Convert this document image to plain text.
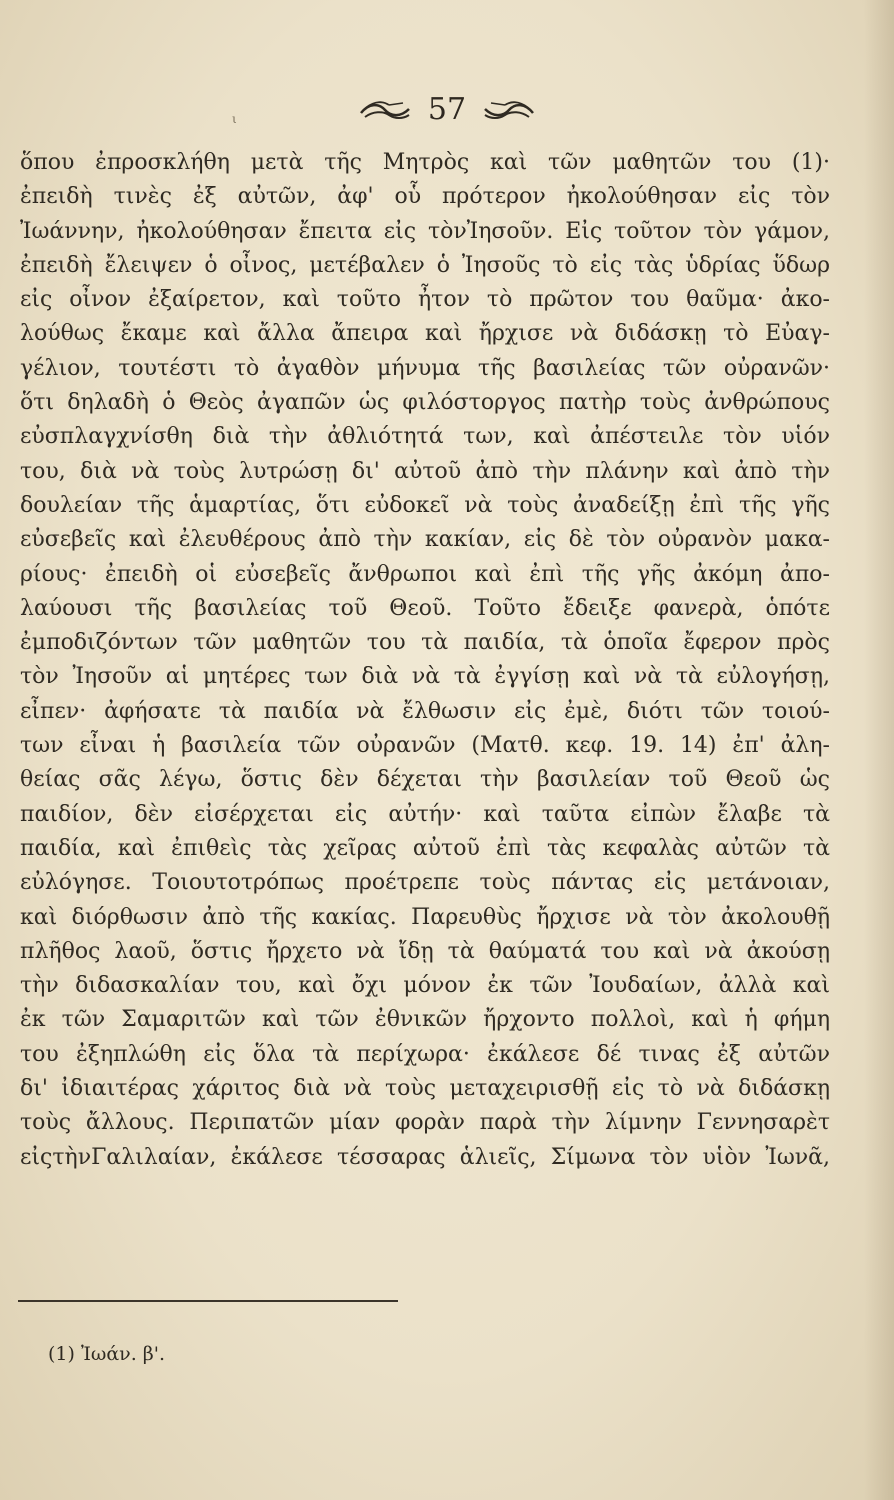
57
ι
ὅπου ἐπροσκλήθη μετὰ τῆς Μητρὸς καὶ τῶν μαθητῶν του (1)·
ἐπειδὴ τινὲς ἐξ αὐτῶν, ἀφ' οὗ πρότερον ἠκολούθησαν εἰς τὸν
Ἰωάννην, ἠκολούθησαν ἔπειτα εἰς τὸνἸησοῦν. Εἰς τοῦτον τὸν γάμον,
ἐπειδὴ ἔλειψεν ὁ οἶνος, μετέβαλεν ὁ Ἰησοῦς τὸ εἰς τὰς ὑδρίας ὕδωρ
εἰς οἶνον ἐξαίρετον, καὶ τοῦτο ἦτον τὸ πρῶτον του θαῦμα· ἀκο-
λούθως ἔκαμε καὶ ἄλλα ἄπειρα καὶ ἤρχισε νὰ διδάσκῃ τὸ Εὐαγ-
γέλιον, τουτέστι τὸ ἀγαθὸν μήνυμα τῆς βασιλείας τῶν οὐρανῶν·
ὅτι δηλαδὴ ὁ Θεὸς ἀγαπῶν ὡς φιλόστοργος πατὴρ τοὺς ἀνθρώπους
εὐσπλαγχνίσθη διὰ τὴν ἀθλιότητά των, καὶ ἀπέστειλε τὸν υἱόν
του, διὰ νὰ τοὺς λυτρώσῃ δι' αὐτοῦ ἀπὸ τὴν πλάνην καὶ ἀπὸ τὴν
δουλείαν τῆς ἁμαρτίας, ὅτι εὐδοκεῖ νὰ τοὺς ἀναδείξῃ ἐπὶ τῆς γῆς
εὐσεβεῖς καὶ ἐλευθέρους ἀπὸ τὴν κακίαν, εἰς δὲ τὸν οὐρανὸν μακα-
ρίους· ἐπειδὴ οἱ εὐσεβεῖς ἄνθρωποι καὶ ἐπὶ τῆς γῆς ἀκόμη ἀπο-
λαύουσι τῆς βασιλείας τοῦ Θεοῦ. Τοῦτο ἔδειξε φανερὰ, ὁπότε
ἐμποδιζόντων τῶν μαθητῶν του τὰ παιδία, τὰ ὁποῖα ἔφερον πρὸς
τὸν Ἰησοῦν αἱ μητέρες των διὰ νὰ τὰ ἐγγίσῃ καὶ νὰ τὰ εὐλογήσῃ,
εἶπεν· ἀφήσατε τὰ παιδία νὰ ἔλθωσιν εἰς ἐμὲ, διότι τῶν τοιού-
των εἶναι ἡ βασιλεία τῶν οὐρανῶν (Ματθ. κεφ. 19. 14) ἐπ' ἀλη-
θείας σᾶς λέγω, ὅστις δὲν δέχεται τὴν βασιλείαν τοῦ Θεοῦ ὡς
παιδίον, δὲν εἰσέρχεται εἰς αὐτήν· καὶ ταῦτα εἰπὼν ἔλαβε τὰ
παιδία, καὶ ἐπιθεὶς τὰς χεῖρας αὐτοῦ ἐπὶ τὰς κεφαλὰς αὐτῶν τὰ
εὐλόγησε. Τοιουτοτρόπως προέτρεπε τοὺς πάντας εἰς μετάνοιαν,
καὶ διόρθωσιν ἀπὸ τῆς κακίας. Παρευθὺς ἤρχισε νὰ τὸν ἀκολουθῇ
πλῆθος λαοῦ, ὅστις ἤρχετο νὰ ἴδῃ τὰ θαύματά του καὶ νὰ ἀκούσῃ
τὴν διδασκαλίαν του, καὶ ὄχι μόνον ἐκ τῶν Ἰουδαίων, ἀλλὰ καὶ
ἐκ τῶν Σαμαριτῶν καὶ τῶν ἐθνικῶν ἤρχοντο πολλοὶ, καὶ ἡ φήμη
του ἐξηπλώθη εἰς ὅλα τὰ περίχωρα· ἐκάλεσε δέ τινας ἐξ αὐτῶν
δι' ἰδιαιτέρας χάριτος διὰ νὰ τοὺς μεταχειρισθῇ εἰς τὸ νὰ διδάσκῃ
τοὺς ἄλλους. Περιπατῶν μίαν φορὰν παρὰ τὴν λίμνην Γεννησαρὲτ
εἰςτὴνΓαλιλαίαν, ἐκάλεσε τέσσαρας ἁλιεῖς, Σίμωνα τὸν υἱὸν Ἰωνᾶ,
(1) Ἰωάν. β'.
